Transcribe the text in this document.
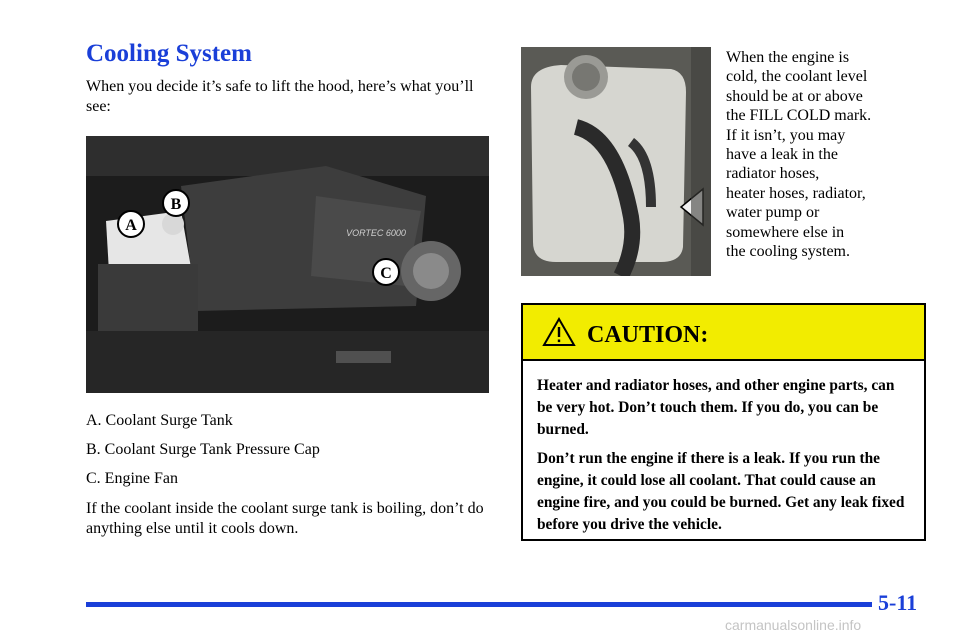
Cooling System

When you decide it’s safe to lift the hood, here’s what you’ll see:

A
B
C
VORTEC 6000
A. Coolant Surge Tank
B. Coolant Surge Tank Pressure Cap
C. Engine Fan

If the coolant inside the coolant surge tank is boiling, don’t do anything else until it cools down.

When the engine is
cold, the coolant level
should be at or above
the FILL COLD mark.
If it isn’t, you may
have a leak in the
radiator hoses,
heater hoses, radiator,
water pump or
somewhere else in
the cooling system.

CAUTION:

Heater and radiator hoses, and other engine parts, can be very hot. Don’t touch them. If you do, you can be burned.

Don’t run the engine if there is a leak. If you run the engine, it could lose all coolant. That could cause an engine fire, and you could be burned. Get any leak fixed before you drive the vehicle.

5-11
carmanualsonline.info
